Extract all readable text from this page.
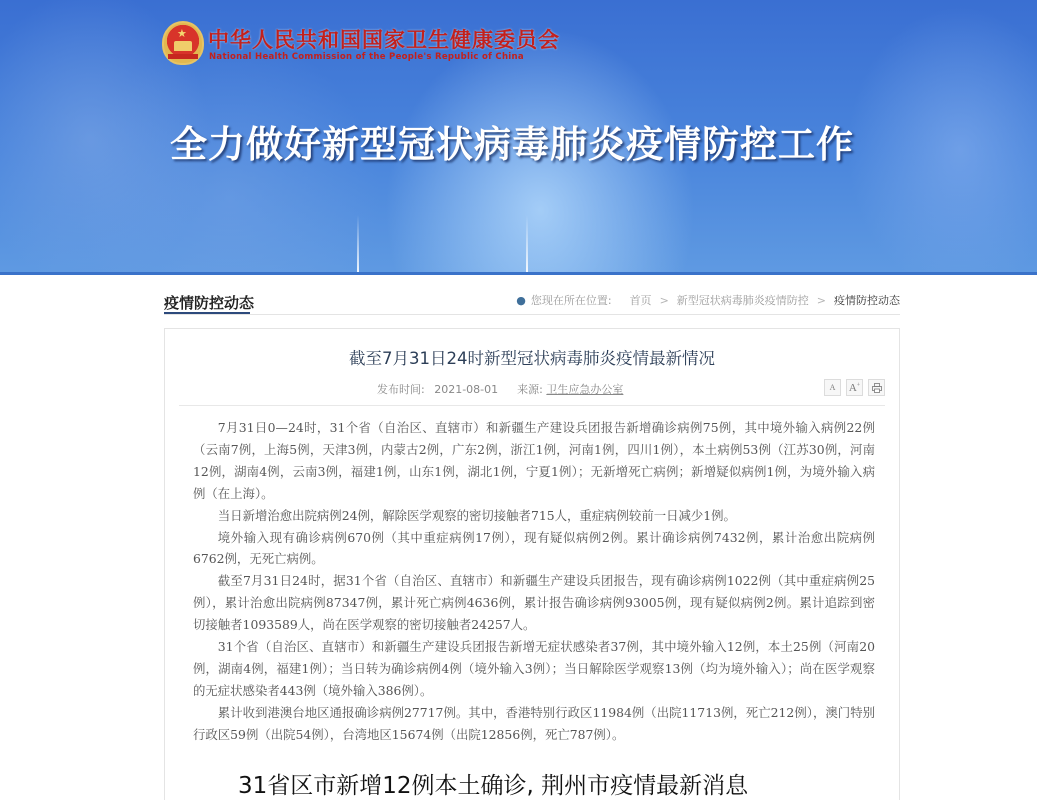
★ 中华人民共和国国家卫生健康委员会
National Health Commission of the People's Republic of China
全力做好新型冠状病毒肺炎疫情防控工作
疫情防控动态	● 您现在所在位置: 首页 > 新型冠状病毒肺炎疫情防控 > 疫情防控动态
截至7月31日24时新型冠状病毒肺炎疫情最新情况
发布时间: 2021-08-01 来源: 卫生应急办公室	A A+

7月31日0—24时，31个省（自治区、直辖市）和新疆生产建设兵团报告新增确诊病例75例，其中境外输入病例22例（云南7例，上海5例，天津3例，内蒙古2例，广东2例，浙江1例，河南1例，四川1例），本土病例53例（江苏30例，河南12例，湖南4例，云南3例，福建1例，山东1例，湖北1例，宁夏1例）；无新增死亡病例；新增疑似病例1例，为境外输入病例（在上海）。

当日新增治愈出院病例24例，解除医学观察的密切接触者715人，重症病例较前一日减少1例。

境外输入现有确诊病例670例（其中重症病例17例），现有疑似病例2例。累计确诊病例7432例，累计治愈出院病例6762例，无死亡病例。

截至7月31日24时，据31个省（自治区、直辖市）和新疆生产建设兵团报告，现有确诊病例1022例（其中重症病例25例），累计治愈出院病例87347例，累计死亡病例4636例，累计报告确诊病例93005例，现有疑似病例2例。累计追踪到密切接触者1093589人，尚在医学观察的密切接触者24257人。

31个省（自治区、直辖市）和新疆生产建设兵团报告新增无症状感染者37例，其中境外输入12例，本土25例（河南20例，湖南4例，福建1例）；当日转为确诊病例4例（境外输入3例）；当日解除医学观察13例（均为境外输入）；尚在医学观察的无症状感染者443例（境外输入386例）。

累计收到港澳台地区通报确诊病例27717例。其中，香港特别行政区11984例（出院11713例，死亡212例），澳门特别行政区59例（出院54例），台湾地区15674例（出院12856例，死亡787例）。

31省区市新增12例本土确诊, 荆州市疫情最新消息
